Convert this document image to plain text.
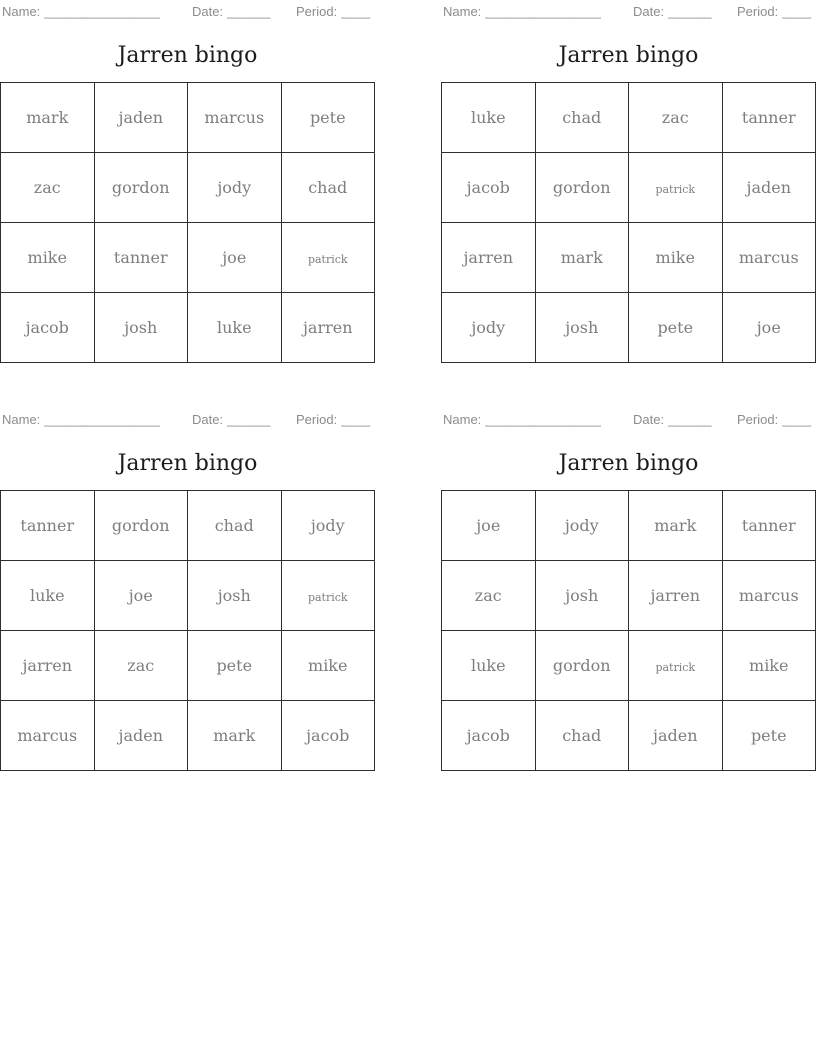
Name: ________________	Date: ______	Period: ____
Jarren bingo
mark	jaden	marcus	pete
zac	gordon	jody	chad
mike	tanner	joe	patrick
jacob	josh	luke	jarren
Name: ________________	Date: ______	Period: ____
Jarren bingo
luke	chad	zac	tanner
jacob	gordon	patrick	jaden
jarren	mark	mike	marcus
jody	josh	pete	joe
Name: ________________	Date: ______	Period: ____
Jarren bingo
tanner	gordon	chad	jody
luke	joe	josh	patrick
jarren	zac	pete	mike
marcus	jaden	mark	jacob
Name: ________________	Date: ______	Period: ____
Jarren bingo
joe	jody	mark	tanner
zac	josh	jarren	marcus
luke	gordon	patrick	mike
jacob	chad	jaden	pete
